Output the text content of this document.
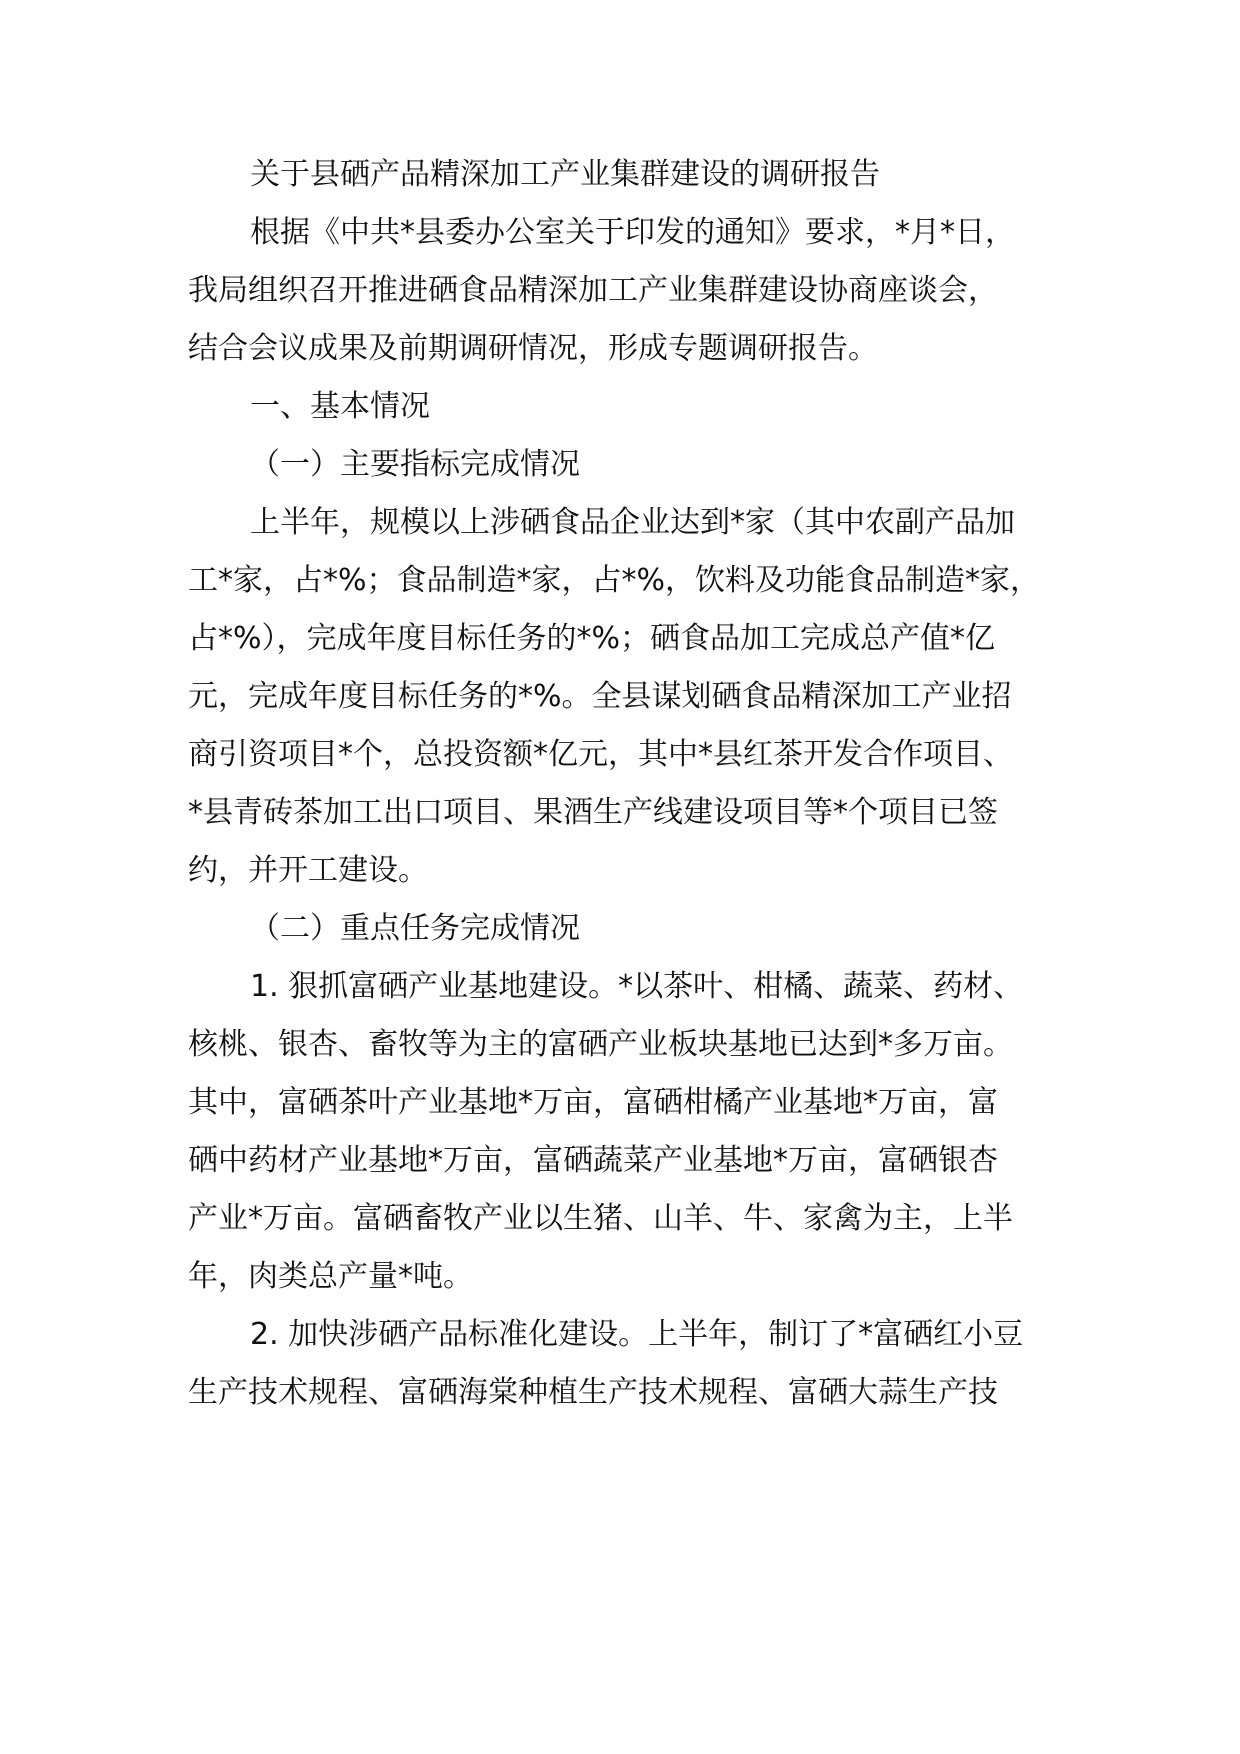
关于县硒产品精深加工产业集群建设的调研报告
根据《中共*县委办公室关于印发的通知》要求，*月*日，
我局组织召开推进硒食品精深加工产业集群建设协商座谈会，
结合会议成果及前期调研情况，形成专题调研报告。
一、基本情况
（一）主要指标完成情况
上半年，规模以上涉硒食品企业达到*家（其中农副产品加
工*家，占*%；食品制造*家，占*%，饮料及功能食品制造*家，
占*%），完成年度目标任务的*%；硒食品加工完成总产值*亿
元，完成年度目标任务的*%。全县谋划硒食品精深加工产业招
商引资项目*个，总投资额*亿元，其中*县红茶开发合作项目、
*县青砖茶加工出口项目、果酒生产线建设项目等*个项目已签
约，并开工建设。
（二）重点任务完成情况
1. 狠抓富硒产业基地建设。*以茶叶、柑橘、蔬菜、药材、
核桃、银杏、畜牧等为主的富硒产业板块基地已达到*多万亩。
其中，富硒茶叶产业基地*万亩，富硒柑橘产业基地*万亩，富
硒中药材产业基地*万亩，富硒蔬菜产业基地*万亩，富硒银杏
产业*万亩。富硒畜牧产业以生猪、山羊、牛、家禽为主，上半
年，肉类总产量*吨。
2. 加快涉硒产品标准化建设。上半年，制订了*富硒红小豆
生产技术规程、富硒海棠种植生产技术规程、富硒大蒜生产技
